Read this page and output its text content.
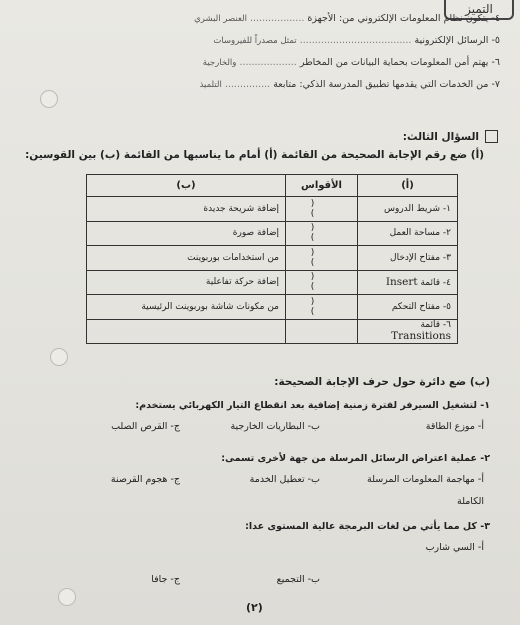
التميز
٤- يتكون نظام المعلومات الإلكتروني من: الأجهزة .................. العنصر البشري
٥- الرسائل الإلكترونية ..................................... تمثل مصدراً للفيروسات
٦- يهتم أمن المعلومات بحماية البيانات من المخاطر ................... والخارجية
٧- من الخدمات التي يقدمها تطبيق المدرسة الذكي: متابعة ............... التلميذ
السؤال الثالث:
(أ) ضع رقم الإجابة الصحيحة من القائمة (أ) أمام ما يناسبها من القائمة (ب) بين القوسين:
(أ)	الأقواس	(ب)
١- شريط الدروس	( )	إضافة شريحة جديدة
٢- مساحة العمل	( )	إضافة صورة
٣- مفتاح الإدخال	( )	من استخدامات بوربوينت
٤- قائمة Insert	( )	إضافة حركة تفاعلية
٥- مفتاح التحكم	( )	من مكونات شاشة بوربوينت الرئيسية
٦- قائمة Transitions		
(ب) ضع دائرة حول حرف الإجابة الصحيحة:
١- لتشغيل السيرفر لفترة زمنية إضافية بعد انقطاع التيار الكهربائي يستخدم:
أ- موزع الطاقة
ب- البطاريات الخارجية
ج- القرص الصلب
٢- عملية اعتراض الرسائل المرسلة من جهة لأخرى تسمى:
أ- مهاجمة المعلومات المرسلة
ب- تعطيل الخدمة
ج- هجوم القرصنة
الكاملة
٣- كل مما يأتي من لغات البرمجة عالية المستوى عدا:
أ- السي شارب
ب- التجميع
ج- جافا
(٢)
